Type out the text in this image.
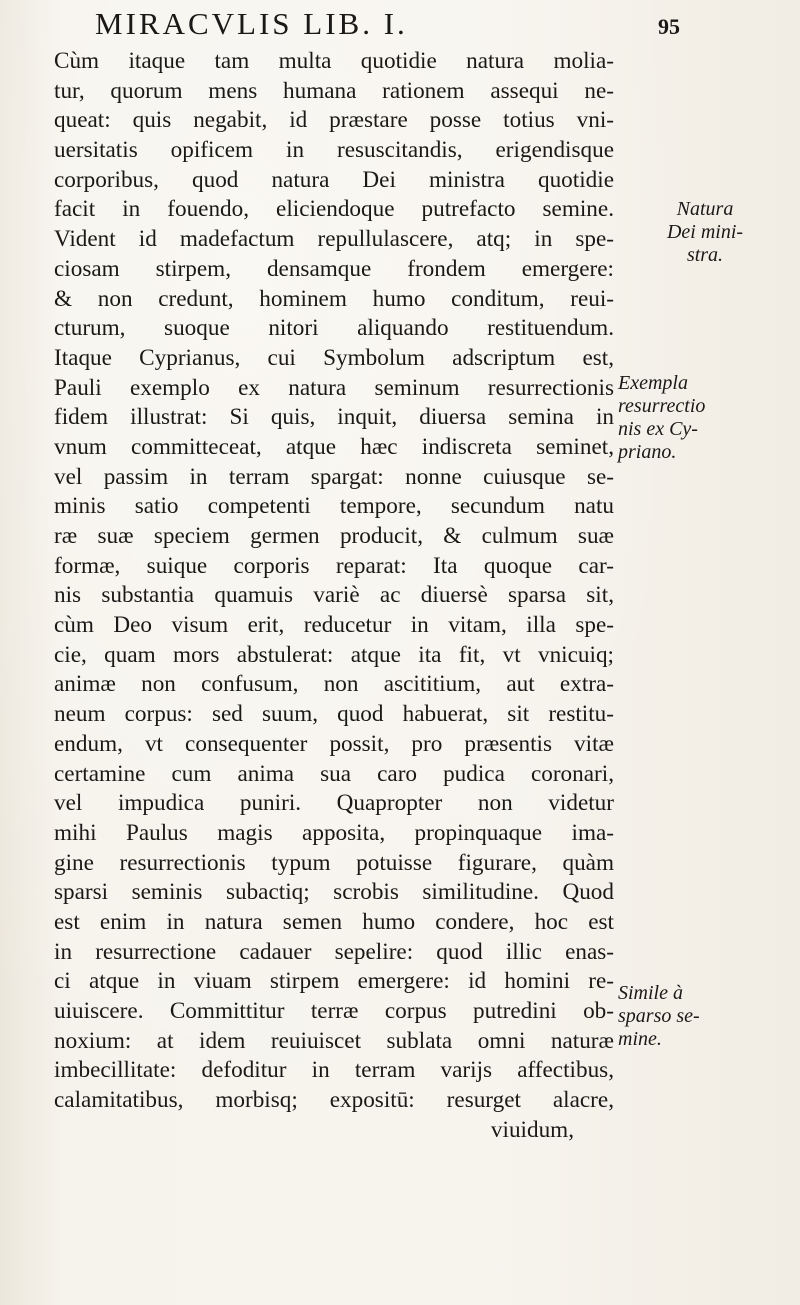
MIRACVLIS LIB. I.	95
Cùm itaque tam multa quotidie natura molia-
tur, quorum mens humana rationem assequi ne-
queat: quis negabit, id præstare posse totius vni-
uersitatis opificem in resuscitandis, erigendisque
corporibus, quod natura Dei ministra quotidie
facit in fouendo, eliciendoque putrefacto semine.
Vident id madefactum repullulascere, atq; in spe-
ciosam stirpem, densamque frondem emergere:
& non credunt, hominem humo conditum, reui-
cturum, suoque nitori aliquando restituendum.
Itaque Cyprianus, cui Symbolum adscriptum est,
Pauli exemplo ex natura seminum resurrectionis
fidem illustrat: Si quis, inquit, diuersa semina in
vnum committeceat, atque hæc indiscreta seminet,
vel passim in terram spargat: nonne cuiusque se-
minis satio competenti tempore, secundum natu
ræ suæ speciem germen producit, & culmum suæ
formæ, suique corporis reparat: Ita quoque car-
nis substantia quamuis variè ac diuersè sparsa sit,
cùm Deo visum erit, reducetur in vitam, illa spe-
cie, quam mors abstulerat: atque ita fit, vt vnicuiq;
animæ non confusum, non ascititium, aut extra-
neum corpus: sed suum, quod habuerat, sit restitu-
endum, vt consequenter possit, pro præsentis vitæ
certamine cum anima sua caro pudica coronari,
vel impudica puniri. Quapropter non videtur
mihi Paulus magis apposita, propinquaque ima-
gine resurrectionis typum potuisse figurare, quàm
sparsi seminis subactiq; scrobis similitudine. Quod
est enim in natura semen humo condere, hoc est
in resurrectione cadauer sepelire: quod illic enas-
ci atque in viuam stirpem emergere: id homini re-
uiuiscere. Committitur terræ corpus putredini ob-
noxium: at idem reuiuiscet sublata omni naturæ
imbecillitate: defoditur in terram varijs affectibus,
calamitatibus, morbisq; expositū: resurget alacre,
viuidum,
Natura
Dei mini-
stra.
Exempla
resurrectio
nis ex Cy-
priano.
Simile à
sparso se-
mine.
